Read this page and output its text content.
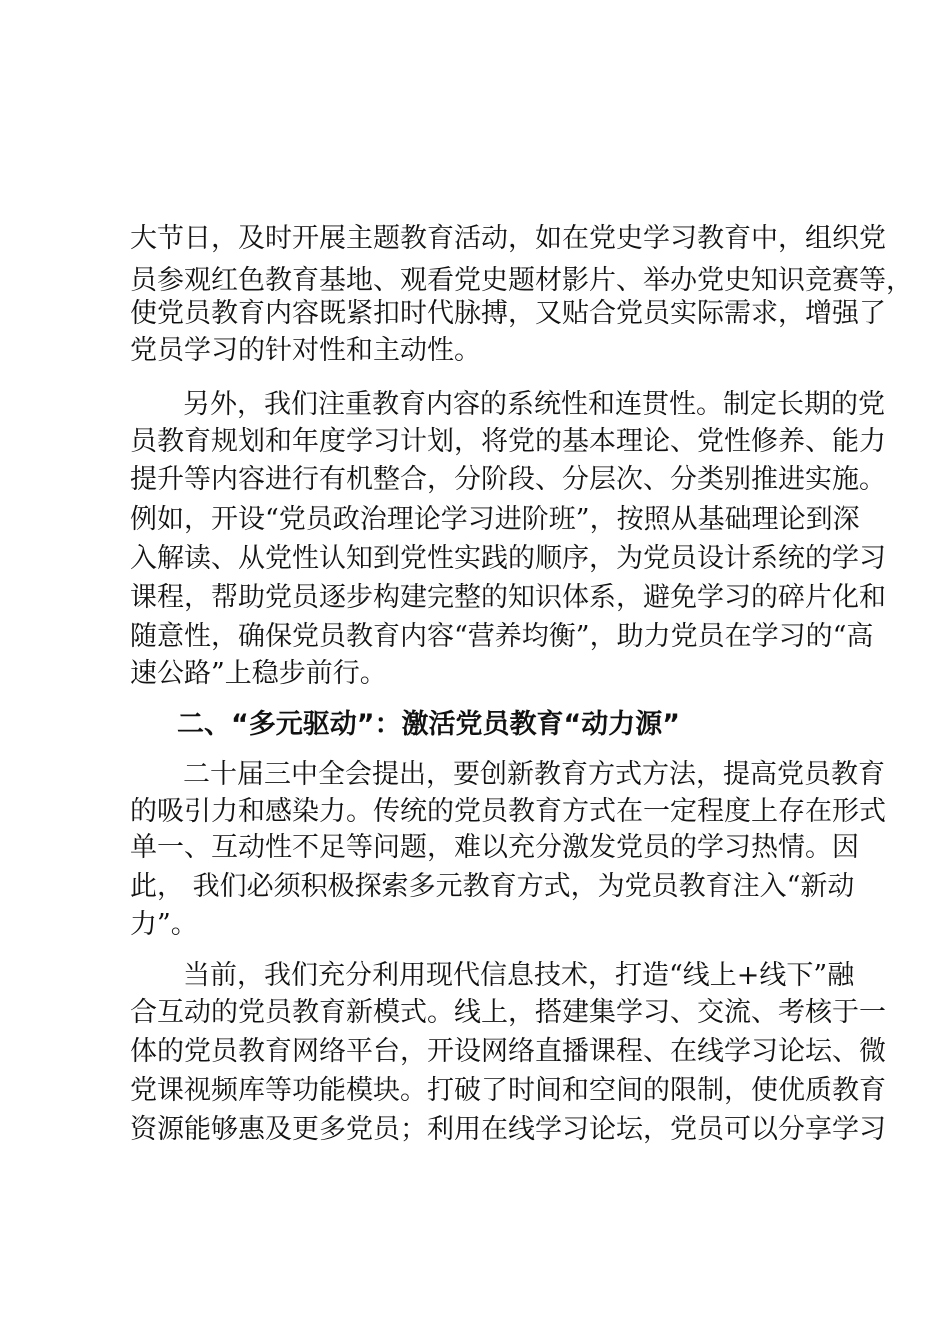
大节日，及时开展主题教育活动，如在党史学习教育中，组织党
员参观红色教育基地、观看党史题材影片、举办党史知识竞赛等，
使党员教育内容既紧扣时代脉搏，又贴合党员实际需求，增强了
党员学习的针对性和主动性。
另外，我们注重教育内容的系统性和连贯性。制定长期的党
员教育规划和年度学习计划，将党的基本理论、党性修养、能力
提升等内容进行有机整合，分阶段、分层次、分类别推进实施。
例如，开设“党员政治理论学习进阶班”，按照从基础理论到深
入解读、从党性认知到党性实践的顺序，为党员设计系统的学习
课程，帮助党员逐步构建完整的知识体系，避免学习的碎片化和
随意性，确保党员教育内容“营养均衡”，助力党员在学习的“高
速公路”上稳步前行。
二、“多元驱动”：激活党员教育“动力源”
二十届三中全会提出，要创新教育方式方法，提高党员教育
的吸引力和感染力。传统的党员教育方式在一定程度上存在形式
单一、互动性不足等问题，难以充分激发党员的学习热情。因
此， 我们必须积极探索多元教育方式，为党员教育注入“新动
力”。
当前，我们充分利用现代信息技术，打造“线上+线下”融
合互动的党员教育新模式。线上，搭建集学习、交流、考核于一
体的党员教育网络平台，开设网络直播课程、在线学习论坛、微
党课视频库等功能模块。打破了时间和空间的限制，使优质教育
资源能够惠及更多党员；利用在线学习论坛，党员可以分享学习
